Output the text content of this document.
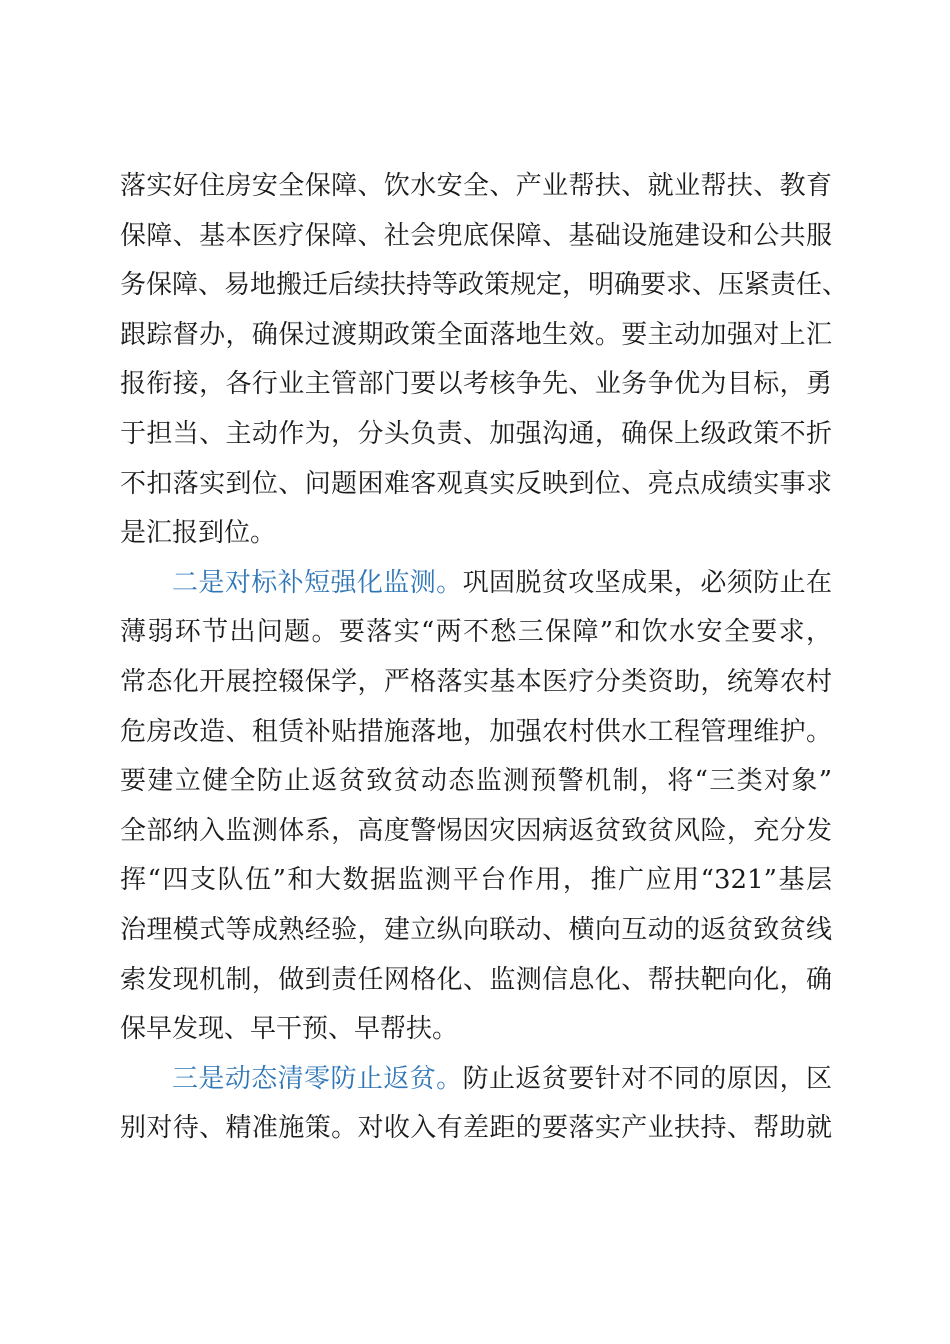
落实好住房安全保障、饮水安全、产业帮扶、就业帮扶、教育
保障、基本医疗保障、社会兜底保障、基础设施建设和公共服
务保障、易地搬迁后续扶持等政策规定，明确要求、压紧责任、
跟踪督办，确保过渡期政策全面落地生效。要主动加强对上汇
报衔接，各行业主管部门要以考核争先、业务争优为目标，勇
于担当、主动作为，分头负责、加强沟通，确保上级政策不折
不扣落实到位、问题困难客观真实反映到位、亮点成绩实事求
是汇报到位。
二是对标补短强化监测。巩固脱贫攻坚成果，必须防止在
薄弱环节出问题。要落实“两不愁三保障”和饮水安全要求，
常态化开展控辍保学，严格落实基本医疗分类资助，统筹农村
危房改造、租赁补贴措施落地，加强农村供水工程管理维护。
要建立健全防止返贫致贫动态监测预警机制，将“三类对象”
全部纳入监测体系，高度警惕因灾因病返贫致贫风险，充分发
挥“四支队伍”和大数据监测平台作用，推广应用“321”基层
治理模式等成熟经验，建立纵向联动、横向互动的返贫致贫线
索发现机制，做到责任网格化、监测信息化、帮扶靶向化，确
保早发现、早干预、早帮扶。
三是动态清零防止返贫。防止返贫要针对不同的原因，区
别对待、精准施策。对收入有差距的要落实产业扶持、帮助就
